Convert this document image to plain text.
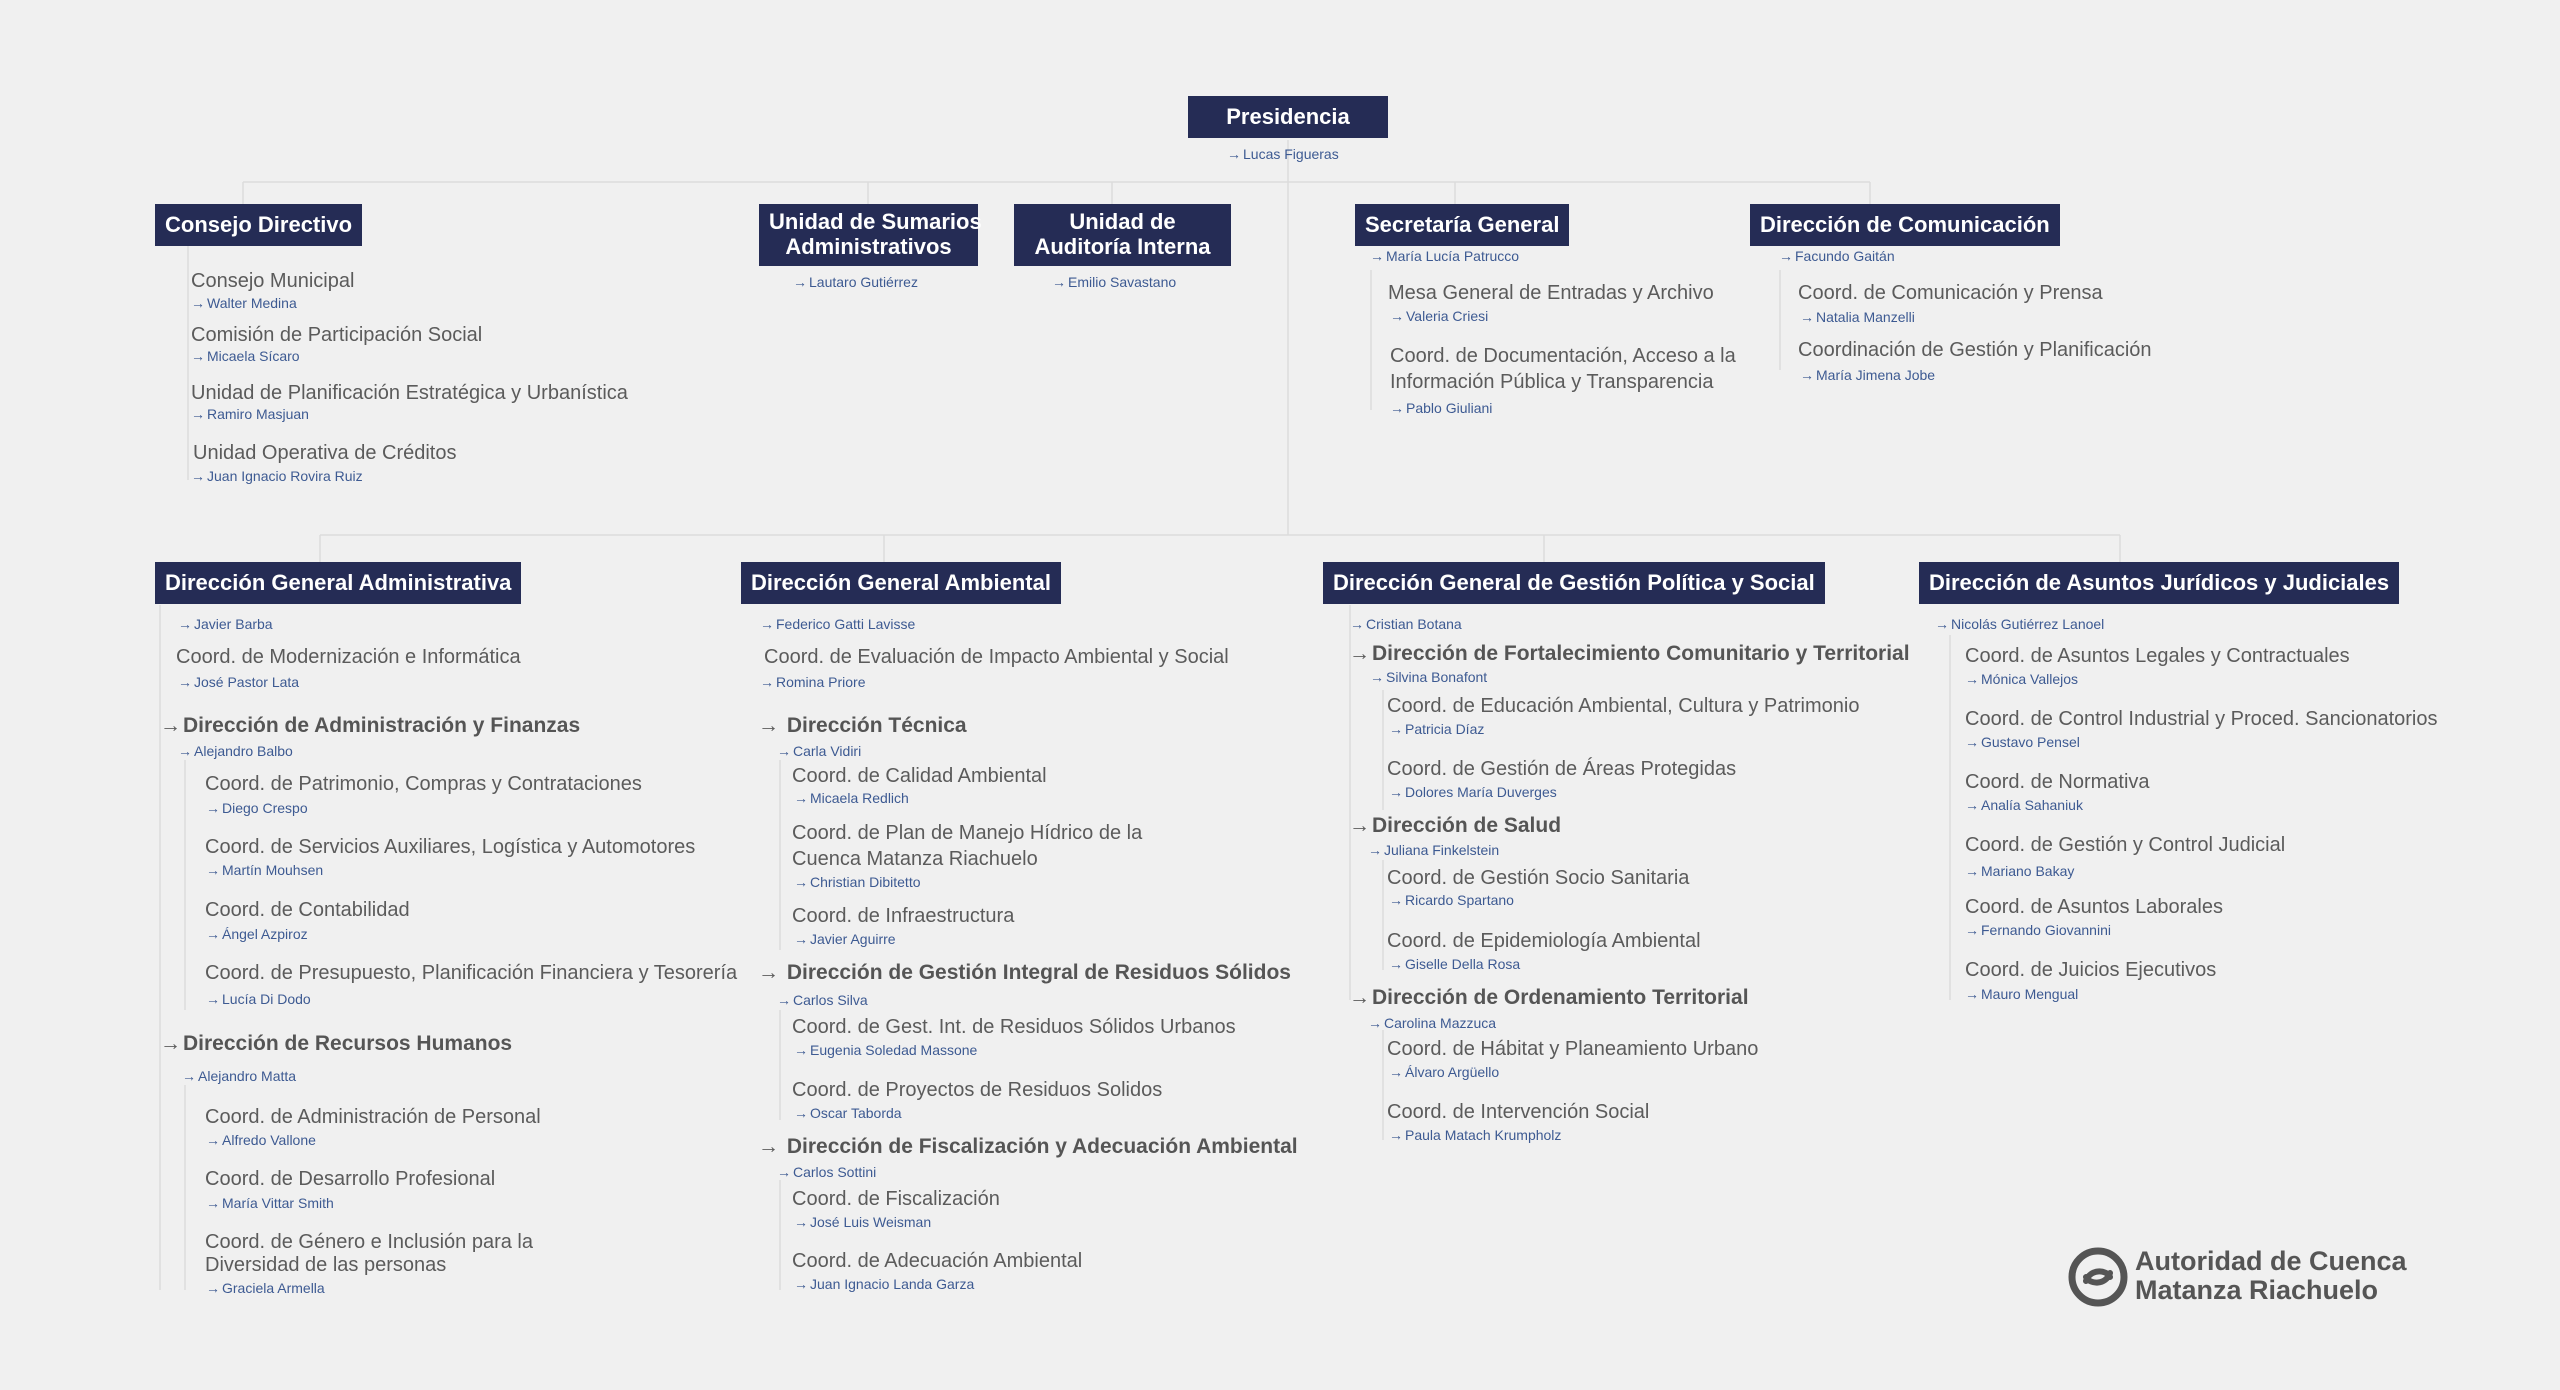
Presidencia
→ Lucas Figueras
Consejo Directivo
Consejo Municipal
→ Walter Medina
Comisión de Participación Social
→ Micaela Sícaro
Unidad de Planificación Estratégica y Urbanística
→ Ramiro Masjuan
Unidad Operativa de Créditos
→ Juan Ignacio Rovira Ruiz
Unidad de Sumarios
Administrativos
→ Lautaro Gutiérrez
Unidad de
Auditoría Interna
→ Emilio Savastano
Secretaría General
→ María Lucía Patrucco
Mesa General de Entradas y Archivo
→ Valeria Criesi
Coord. de Documentación, Acceso a la
Información Pública y Transparencia
→ Pablo Giuliani
Dirección de Comunicación
→ Facundo Gaitán
Coord. de Comunicación y Prensa
→ Natalia Manzelli
Coordinación de Gestión y Planificación
→ María Jimena Jobe
Dirección General Administrativa
→ Javier Barba
Coord. de Modernización e Informática
→ José Pastor Lata
→Dirección de Administración y Finanzas
→ Alejandro Balbo
Coord. de Patrimonio, Compras y Contrataciones
→ Diego Crespo
Coord. de Servicios Auxiliares, Logística y Automotores
→ Martín Mouhsen
Coord. de Contabilidad
→ Ángel Azpiroz
Coord. de Presupuesto, Planificación Financiera y Tesorería
→ Lucía Di Dodo
→Dirección de Recursos Humanos
→ Alejandro Matta
Coord. de Administración de Personal
→ Alfredo Vallone
Coord. de Desarrollo Profesional
→ María Vittar Smith
Coord. de Género e Inclusión para la
Diversidad de las personas
→ Graciela Armella
Dirección General Ambiental
→ Federico Gatti Lavisse
Coord. de Evaluación de Impacto Ambiental y Social
→ Romina Priore
→ Dirección Técnica
→ Carla Vidiri
Coord. de Calidad Ambiental
→ Micaela Redlich
Coord. de Plan de Manejo Hídrico de la
Cuenca Matanza Riachuelo
→ Christian Dibitetto
Coord. de Infraestructura
→ Javier Aguirre
→ Dirección de Gestión Integral de Residuos Sólidos
→ Carlos Silva
Coord. de Gest. Int. de Residuos Sólidos Urbanos
→ Eugenia Soledad Massone
Coord. de Proyectos de Residuos Solidos
→ Oscar Taborda
→ Dirección de Fiscalización y Adecuación Ambiental
→ Carlos Sottini
Coord. de Fiscalización
→ José Luis Weisman
Coord. de Adecuación Ambiental
→ Juan Ignacio Landa Garza
Dirección General de Gestión Política y Social
→ Cristian Botana
→Dirección de Fortalecimiento Comunitario y Territorial
→ Silvina Bonafont
Coord. de Educación Ambiental, Cultura y Patrimonio
→ Patricia Díaz
Coord. de Gestión de Áreas Protegidas
→ Dolores María Duverges
→Dirección de Salud
→ Juliana Finkelstein
Coord. de Gestión Socio Sanitaria
→ Ricardo Spartano
Coord. de Epidemiología Ambiental
→ Giselle Della Rosa
→Dirección de Ordenamiento Territorial
→ Carolina Mazzuca
Coord. de Hábitat y Planeamiento Urbano
→ Álvaro Argüello
Coord. de Intervención Social
→ Paula Matach Krumpholz
Dirección de Asuntos Jurídicos y Judiciales
→ Nicolás Gutiérrez Lanoel
Coord. de Asuntos Legales y Contractuales
→ Mónica Vallejos
Coord. de Control Industrial y Proced. Sancionatorios
→ Gustavo Pensel
Coord. de Normativa
→ Analía Sahaniuk
Coord. de Gestión y Control Judicial
→ Mariano Bakay
Coord. de Asuntos Laborales
→ Fernando Giovannini
Coord. de Juicios Ejecutivos
→ Mauro Mengual
Autoridad de Cuenca
Matanza Riachuelo
